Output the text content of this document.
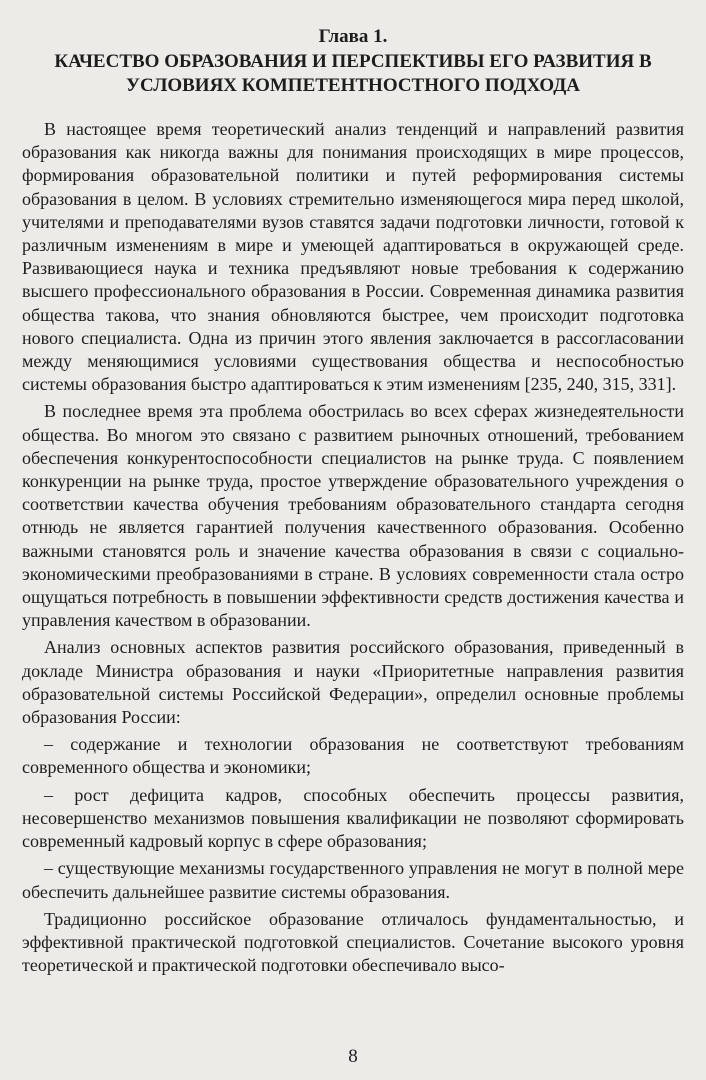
Глава 1.
КАЧЕСТВО ОБРАЗОВАНИЯ И ПЕРСПЕКТИВЫ ЕГО РАЗВИТИЯ В УСЛОВИЯХ КОМПЕТЕНТНОСТНОГО ПОДХОДА

В настоящее время теоретический анализ тенденций и направлений развития образования как никогда важны для понимания происходящих в мире процессов, формирования образовательной политики и путей реформирования системы образования в целом. В условиях стремительно изменяющегося мира перед школой, учителями и преподавателями вузов ставятся задачи подготовки личности, готовой к различным изменениям в мире и умеющей адаптироваться в окружающей среде. Развивающиеся наука и техника предъявляют новые требования к содержанию высшего профессионального образования в России. Современная динамика развития общества такова, что знания обновляются быстрее, чем происходит подготовка нового специалиста. Одна из причин этого явления заключается в рассогласовании между меняющимися условиями существования общества и неспособностью системы образования быстро адаптироваться к этим изменениям [235, 240, 315, 331].

В последнее время эта проблема обострилась во всех сферах жизнедеятельности общества. Во многом это связано с развитием рыночных отношений, требованием обеспечения конкурентоспособности специалистов на рынке труда. С появлением конкуренции на рынке труда, простое утверждение образовательного учреждения о соответствии качества обучения требованиям образовательного стандарта сегодня отнюдь не является гарантией получения качественного образования. Особенно важными становятся роль и значение качества образования в связи с социально-экономическими преобразованиями в стране. В условиях современности стала остро ощущаться потребность в повышении эффективности средств достижения качества и управления качеством в образовании.

Анализ основных аспектов развития российского образования, приведенный в докладе Министра образования и науки «Приоритетные направления развития образовательной системы Российской Федерации», определил основные проблемы образования России:

– содержание и технологии образования не соответствуют требованиям современного общества и экономики;

– рост дефицита кадров, способных обеспечить процессы развития, несовершенство механизмов повышения квалификации не позволяют сформировать современный кадровый корпус в сфере образования;

– существующие механизмы государственного управления не могут в полной мере обеспечить дальнейшее развитие системы образования.

Традиционно российское образование отличалось фундаментальностью, и эффективной практической подготовкой специалистов. Сочетание высокого уровня теоретической и практической подготовки обеспечивало высо-

8
